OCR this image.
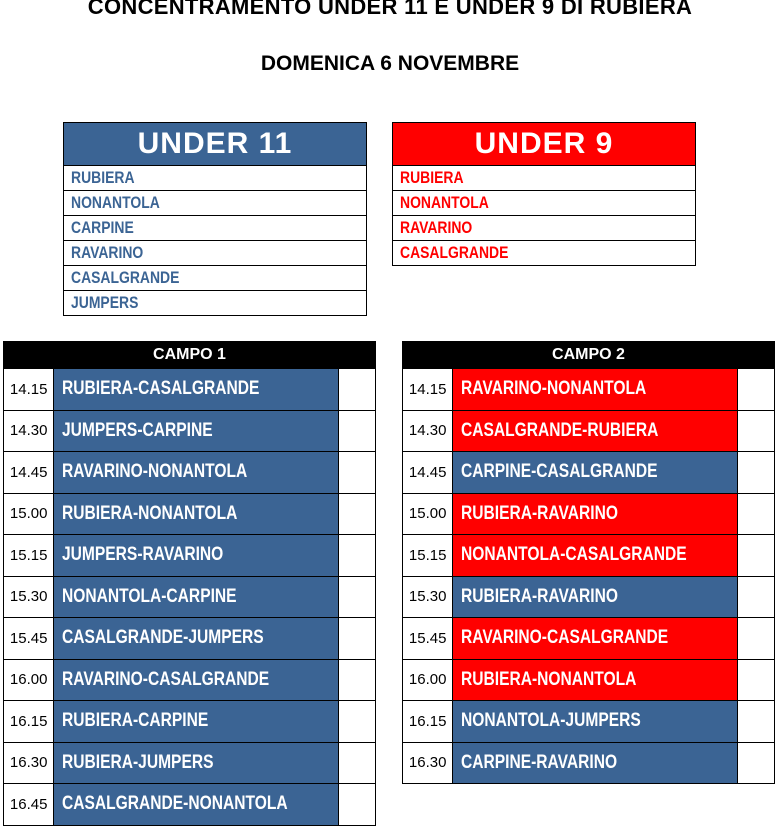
CONCENTRAMENTO UNDER 11 E UNDER 9 DI RUBIERA
DOMENICA 6 NOVEMBRE
UNDER 11
RUBIERA
NONANTOLA
CARPINE
RAVARINO
CASALGRANDE
JUMPERS
UNDER 9
RUBIERA
NONANTOLA
RAVARINO
CASALGRANDE
CAMPO 1		
14.15	RUBIERA-CASALGRANDE	
14.30	JUMPERS-CARPINE	
14.45	RAVARINO-NONANTOLA	
15.00	RUBIERA-NONANTOLA	
15.15	JUMPERS-RAVARINO	
15.30	NONANTOLA-CARPINE	
15.45	CASALGRANDE-JUMPERS	
16.00	RAVARINO-CASALGRANDE	
16.15	RUBIERA-CARPINE	
16.30	RUBIERA-JUMPERS	
16.45	CASALGRANDE-NONANTOLA	
CAMPO 2		
14.15	RAVARINO-NONANTOLA	
14.30	CASALGRANDE-RUBIERA	
14.45	CARPINE-CASALGRANDE	
15.00	RUBIERA-RAVARINO	
15.15	NONANTOLA-CASALGRANDE	
15.30	RUBIERA-RAVARINO	
15.45	RAVARINO-CASALGRANDE	
16.00	RUBIERA-NONANTOLA	
16.15	NONANTOLA-JUMPERS	
16.30	CARPINE-RAVARINO	
